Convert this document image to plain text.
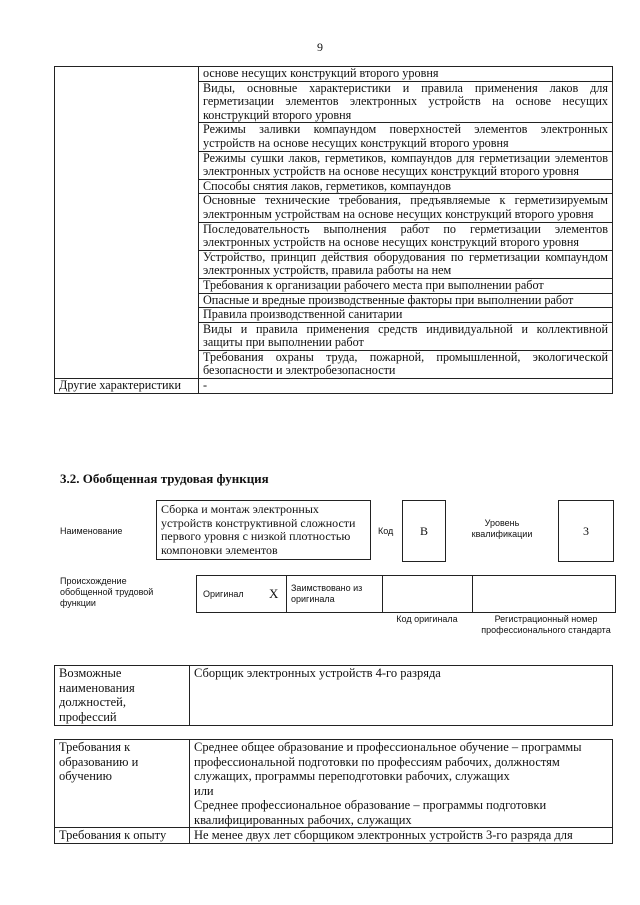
9
	основе несущих конструкций второго уровня
	Виды, основные характеристики и правила применения лаков для герметизации элементов электронных устройств на основе несущих конструкций второго уровня
	Режимы заливки компаундом поверхностей элементов электронных устройств на основе несущих конструкций второго уровня
	Режимы сушки лаков, герметиков, компаундов для герметизации элементов электронных устройств на основе несущих конструкций второго уровня
	Способы снятия лаков, герметиков, компаундов
	Основные технические требования, предъявляемые к герметизируемым электронным устройствам на основе несущих конструкций второго уровня
	Последовательность выполнения работ по герметизации элементов электронных устройств на основе несущих конструкций второго уровня
	Устройство, принцип действия оборудования по герметизации компаундом электронных устройств, правила работы на нем
	Требования к организации рабочего места при выполнении работ
	Опасные и вредные производственные факторы при выполнении работ
	Правила производственной санитарии
	Виды и правила применения средств индивидуальной и коллективной защиты при выполнении работ
	Требования охраны труда, пожарной, промышленной, экологической безопасности и электробезопасности
Другие характеристики	-
3.2. Обобщенная трудовая функция
Наименование
Сборка и монтаж электронных устройств конструктивной сложности первого уровня с низкой плотностью компоновки элементов
Код	В
Уровень квалификации	3
Происхождение обобщенной трудовой функции
Оригинал X Заимствовано из оригинала
Код оригинала	Регистрационный номер профессионального стандарта
Возможные наименования должностей, профессий	Сборщик электронных устройств 4-го разряда
Требования к образованию и обучению	Среднее общее образование и профессиональное обучение – программы профессиональной подготовки по профессиям рабочих, должностям служащих, программы переподготовки рабочих, служащих
или
Среднее профессиональное образование – программы подготовки квалифицированных рабочих, служащих

Требования к опыту	Не менее двух лет сборщиком электронных устройств 3-го разряда для
